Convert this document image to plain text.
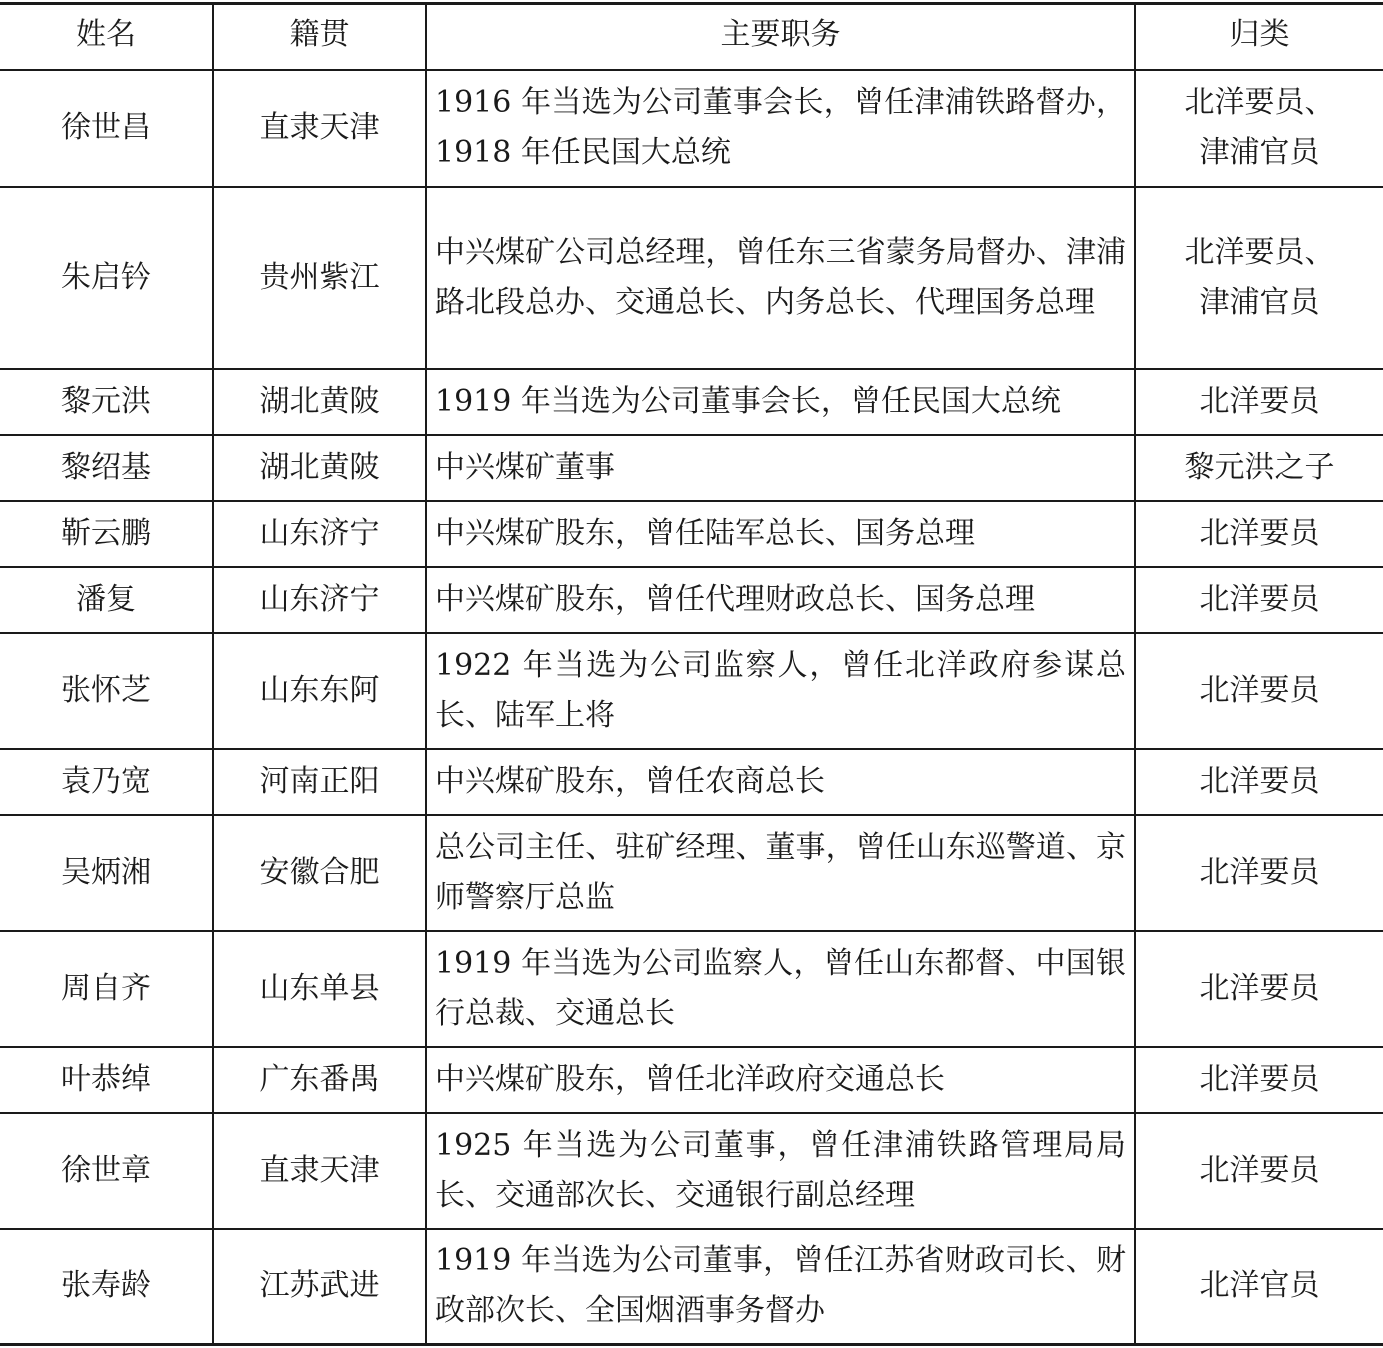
姓名	籍贯	主要职务	归类
徐世昌	直隶天津	1916 年当选为公司董事会长，曾任津浦铁路督办，1918 年任民国大总统	北洋要员、
津浦官员

朱启钤	贵州紫江	中兴煤矿公司总经理，曾任东三省蒙务局督办、津浦路北段总办、交通总长、内务总长、代理国务总理	北洋要员、
津浦官员

黎元洪	湖北黄陂	1919 年当选为公司董事会长，曾任民国大总统	北洋要员
黎绍基	湖北黄陂	中兴煤矿董事	黎元洪之子
靳云鹏	山东济宁	中兴煤矿股东，曾任陆军总长、国务总理	北洋要员
潘复	山东济宁	中兴煤矿股东，曾任代理财政总长、国务总理	北洋要员
张怀芝	山东东阿	1922 年当选为公司监察人，曾任北洋政府参谋总长、陆军上将	北洋要员
袁乃宽	河南正阳	中兴煤矿股东，曾任农商总长	北洋要员
吴炳湘	安徽合肥	总公司主任、驻矿经理、董事，曾任山东巡警道、京师警察厅总监	北洋要员
周自齐	山东单县	1919 年当选为公司监察人，曾任山东都督、中国银行总裁、交通总长	北洋要员
叶恭绰	广东番禺	中兴煤矿股东，曾任北洋政府交通总长	北洋要员
徐世章	直隶天津	1925 年当选为公司董事，曾任津浦铁路管理局局长、交通部次长、交通银行副总经理	北洋要员
张寿龄	江苏武进	1919 年当选为公司董事，曾任江苏省财政司长、财政部次长、全国烟酒事务督办	北洋官员
